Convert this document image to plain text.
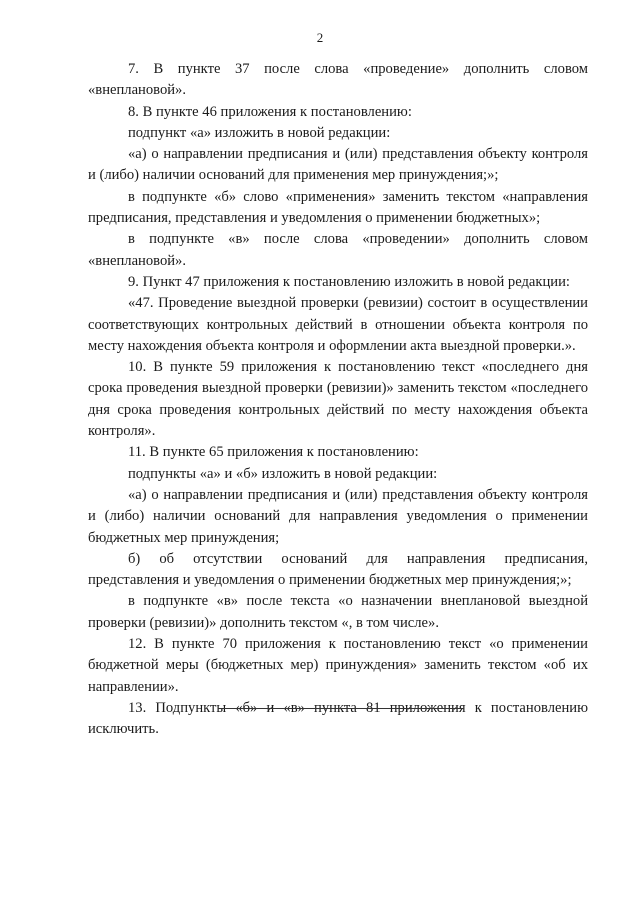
2

7. В пункте 37 после слова «проведение» дополнить словом «внеплановой».

8. В пункте 46 приложения к постановлению:

подпункт «а» изложить в новой редакции:

«а) о направлении предписания и (или) представления объекту контроля и (либо) наличии оснований для применения мер принуждения;»;

в подпункте «б» слово «применения» заменить текстом «направления предписания, представления и уведомления о применении бюджетных»;

в подпункте «в» после слова «проведении» дополнить словом «внеплановой».

9. Пункт 47 приложения к постановлению изложить в новой редакции:

«47. Проведение выездной проверки (ревизии) состоит в осуществлении соответствующих контрольных действий в отношении объекта контроля по месту нахождения объекта контроля и оформлении акта выездной проверки.».

10. В пункте 59 приложения к постановлению текст «последнего дня срока проведения выездной проверки (ревизии)» заменить текстом «последнего дня срока проведения контрольных действий по месту нахождения объекта контроля».

11. В пункте 65 приложения к постановлению:

подпункты «а» и «б» изложить в новой редакции:

«а) о направлении предписания и (или) представления объекту контроля и (либо) наличии оснований для направления уведомления о применении бюджетных мер принуждения;

б) об отсутствии оснований для направления предписания, представления и уведомления о применении бюджетных мер принуждения;»;

в подпункте «в» после текста «о назначении внеплановой выездной проверки (ревизии)» дополнить текстом «, в том числе».

12. В пункте 70 приложения к постановлению текст «о применении бюджетной меры (бюджетных мер) принуждения» заменить текстом «об их направлении».

13. Подпункты «б» и «в» пункта 81 приложения к постановлению исключить.
